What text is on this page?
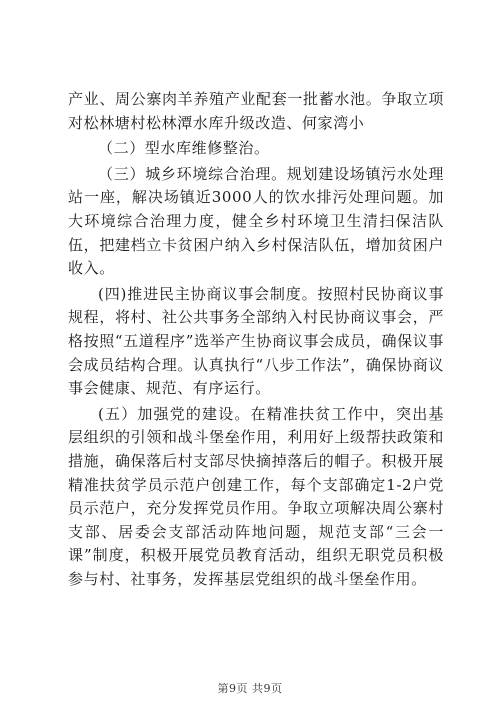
产业、周公寨肉羊养殖产业配套一批蓄水池。争取立项对松林塘村松林潭水库升级改造、何家湾小

（二）型水库维修整治。

（三）城乡环境综合治理。规划建设场镇污水处理站一座，解决场镇近3000人的饮水排污处理问题。加大环境综合治理力度，健全乡村环境卫生清扫保洁队伍，把建档立卡贫困户纳入乡村保洁队伍，增加贫困户收入。

(四)推进民主协商议事会制度。按照村民协商议事规程，将村、社公共事务全部纳入村民协商议事会，严格按照“五道程序”选举产生协商议事会成员，确保议事会成员结构合理。认真执行“八步工作法”，确保协商议事会健康、规范、有序运行。

(五）加强党的建设。在精准扶贫工作中，突出基层组织的引领和战斗堡垒作用，利用好上级帮扶政策和措施，确保落后村支部尽快摘掉落后的帽子。积极开展精准扶贫学员示范户创建工作，每个支部确定1-2户党员示范户，充分发挥党员作用。争取立项解决周公寨村支部、居委会支部活动阵地问题，规范支部“三会一课”制度，积极开展党员教育活动，组织无职党员积极参与村、社事务，发挥基层党组织的战斗堡垒作用。

第9页 共9页
